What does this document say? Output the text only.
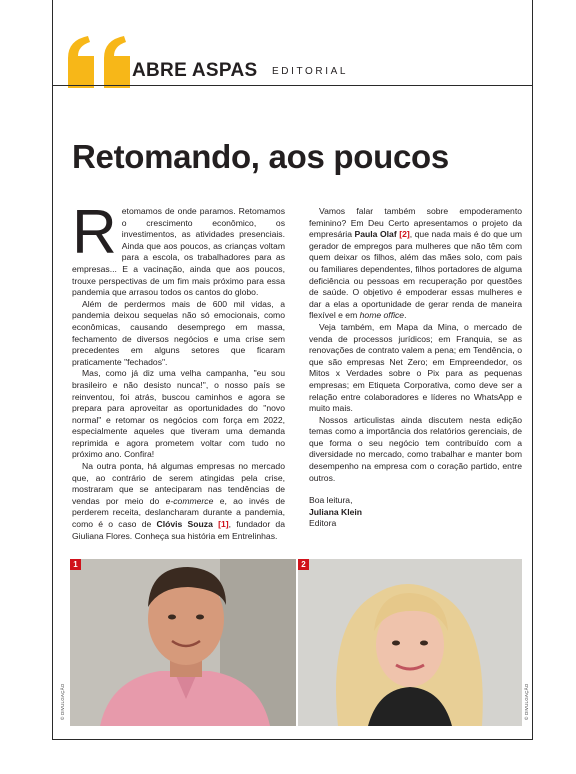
ABRE ASPAS EDITORIAL
Retomando, aos poucos

Retomamos de onde paramos. Retomamos o crescimento econômico, os investimentos, as atividades presenciais. Ainda que aos poucos, as crianças voltam para a escola, os trabalhadores para as empresas... E a vacinação, ainda que aos poucos, trouxe perspectivas de um fim mais próximo para essa pandemia que arrasou todos os cantos do globo.

Além de perdermos mais de 600 mil vidas, a pandemia deixou sequelas não só emocionais, como econômicas, causando desemprego em massa, fechamento de diversos negócios e uma crise sem precedentes em alguns setores que ficaram praticamente "fechados".

Mas, como já diz uma velha campanha, "eu sou brasileiro e não desisto nunca!", o nosso país se reinventou, foi atrás, buscou caminhos e agora se prepara para aproveitar as oportunidades do "novo normal" e retomar os negócios com força em 2022, especialmente aqueles que tiveram uma demanda reprimida e agora prometem voltar com tudo no próximo ano. Confira!

Na outra ponta, há algumas empresas no mercado que, ao contrário de serem atingidas pela crise, mostraram que se anteciparam nas tendências de vendas por meio do e-commerce e, ao invés de perderem receita, deslancharam durante a pandemia, como é o caso de Clóvis Souza [1], fundador da Giuliana Flores. Conheça sua história em Entrelinhas.

Vamos falar também sobre empoderamento feminino? Em Deu Certo apresentamos o projeto da empresária Paula Olaf [2], que nada mais é do que um gerador de empregos para mulheres que não têm com quem deixar os filhos, além das mães solo, com pais ou familiares dependentes, filhos portadores de alguma deficiência ou pessoas em recuperação por questões de saúde. O objetivo é empoderar essas mulheres e dar a elas a oportunidade de gerar renda de maneira flexível e em home office.

Veja também, em Mapa da Mina, o mercado de venda de processos jurídicos; em Franquia, se as renovações de contrato valem a pena; em Tendência, o que são empresas Net Zero; em Empreendedor, os Mitos x Verdades sobre o Pix para as pequenas empresas; em Etiqueta Corporativa, como deve ser a relação entre colaboradores e líderes no WhatsApp e muito mais.

Nossos articulistas ainda discutem nesta edição temas como a importância dos relatórios gerenciais, de que forma o seu negócio tem contribuído com a diversidade no mercado, como trabalhar e manter bom desempenho na empresa com o coração partido, entre outros.

Boa leitura,
Juliana Klein
Editora

1	2
© DIVULGAÇÃO	© DIVULGAÇÃO
